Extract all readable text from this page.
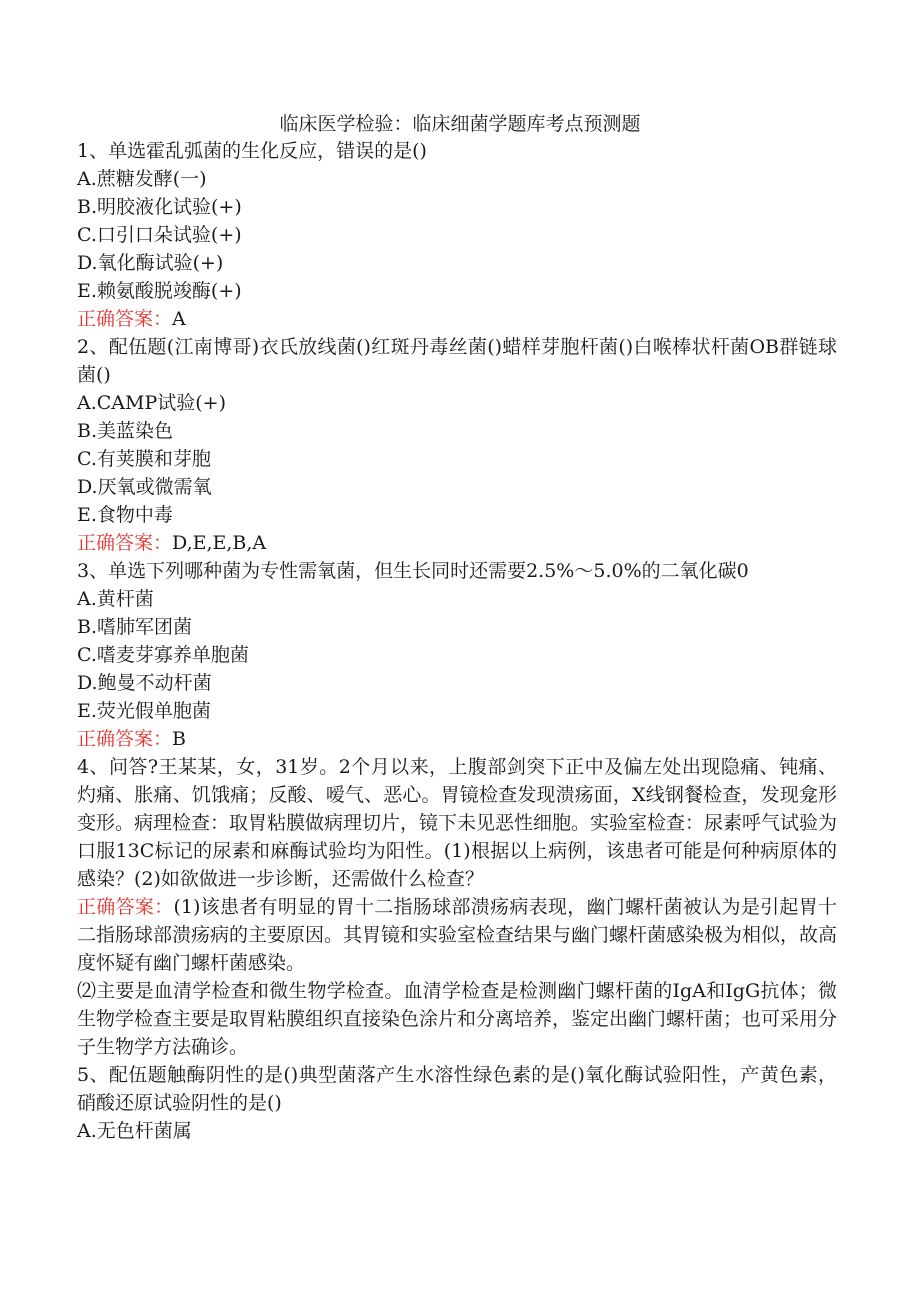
临床医学检验：临床细菌学题库考点预测题
1、单选霍乱弧菌的生化反应，错误的是()
A.蔗糖发酵(一)
B.明胶液化试验(+)
C.口引口朵试验(+)
D.氧化酶试验(+)
E.赖氨酸脱竣酶(+)
正确答案：A
2、配伍题(江南博哥)衣氏放线菌()红斑丹毒丝菌()蜡样芽胞杆菌()白喉棒状杆菌OB群链球菌()
A.CAMP试验(+)
B.美蓝染色
C.有荚膜和芽胞
D.厌氧或微需氧
E.食物中毒
正确答案：D,E,E,B,A
3、单选下列哪种菌为专性需氧菌，但生长同时还需要2.5%～5.0%的二氧化碳0
A.黄杆菌
B.嗜肺军团菌
C.嗜麦芽寡养单胞菌
D.鲍曼不动杆菌
E.荧光假单胞菌
正确答案：B
4、问答?王某某，女，31岁。2个月以来，上腹部剑突下正中及偏左处出现隐痛、钝痛、灼痛、胀痛、饥饿痛；反酸、嗳气、恶心。胃镜检查发现溃疡面，X线钢餐检查，发现龛形变形。病理检查：取胃粘膜做病理切片，镜下未见恶性细胞。实验室检查：尿素呼气试验为口服13C标记的尿素和麻酶试验均为阳性。(1)根据以上病例，该患者可能是何种病原体的感染？(2)如欲做进一步诊断，还需做什么检查？
正确答案：(1)该患者有明显的胃十二指肠球部溃疡病表现，幽门螺杆菌被认为是引起胃十二指肠球部溃疡病的主要原因。其胃镜和实验室检查结果与幽门螺杆菌感染极为相似，故高度怀疑有幽门螺杆菌感染。
⑵主要是血清学检查和微生物学检查。血清学检查是检测幽门螺杆菌的IgA和IgG抗体；微生物学检查主要是取胃粘膜组织直接染色涂片和分离培养，鉴定出幽门螺杆菌；也可采用分子生物学方法确诊。
5、配伍题触酶阴性的是()典型菌落产生水溶性绿色素的是()氧化酶试验阳性，产黄色素，硝酸还原试验阴性的是()
A.无色杆菌属
